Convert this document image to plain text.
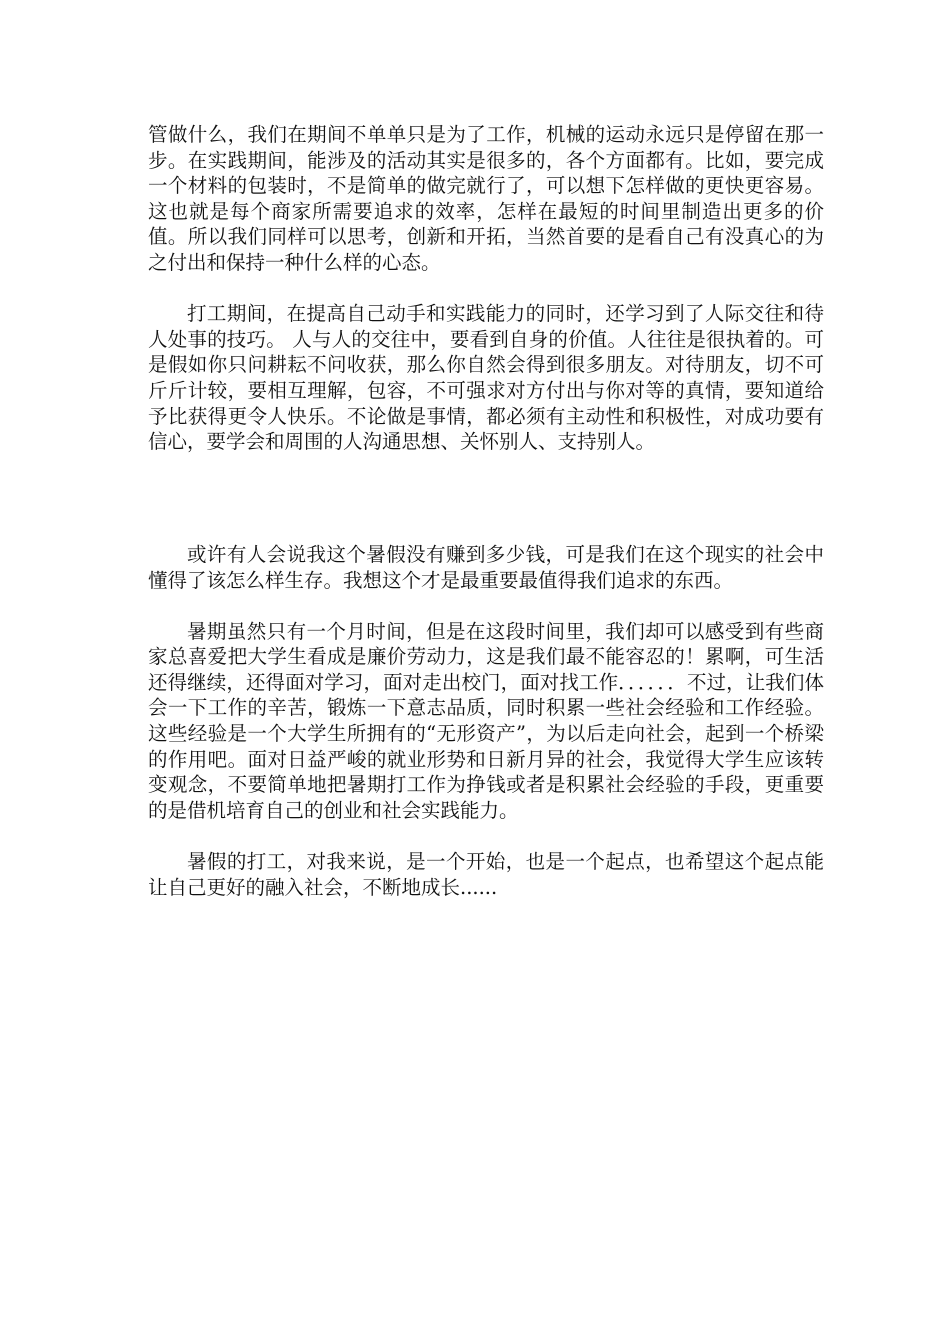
管做什么，我们在期间不单单只是为了工作，机械的运动永远只是停留在那一步。在实践期间，能涉及的活动其实是很多的，各个方面都有。比如，要完成一个材料的包装时，不是简单的做完就行了，可以想下怎样做的更快更容易。这也就是每个商家所需要追求的效率，怎样在最短的时间里制造出更多的价值。所以我们同样可以思考，创新和开拓，当然首要的是看自己有没真心的为之付出和保持一种什么样的心态。

打工期间，在提高自己动手和实践能力的同时，还学习到了人际交往和待人处事的技巧。 人与人的交往中，要看到自身的价值。人往往是很执着的。可是假如你只问耕耘不问收获，那么你自然会得到很多朋友。对待朋友，切不可斤斤计较，要相互理解，包容，不可强求对方付出与你对等的真情，要知道给予比获得更令人快乐。不论做是事情，都必须有主动性和积极性，对成功要有信心，要学会和周围的人沟通思想、关怀别人、支持别人。

或许有人会说我这个暑假没有赚到多少钱，可是我们在这个现实的社会中懂得了该怎么样生存。我想这个才是最重要最值得我们追求的东西。

暑期虽然只有一个月时间，但是在这段时间里，我们却可以感受到有些商家总喜爱把大学生看成是廉价劳动力，这是我们最不能容忍的！累啊，可生活还得继续，还得面对学习，面对走出校门，面对找工作．．．．．．不过，让我们体会一下工作的辛苦，锻炼一下意志品质，同时积累一些社会经验和工作经验。这些经验是一个大学生所拥有的“无形资产”，为以后走向社会，起到一个桥梁的作用吧。面对日益严峻的就业形势和日新月异的社会，我觉得大学生应该转变观念，不要简单地把暑期打工作为挣钱或者是积累社会经验的手段，更重要的是借机培育自己的创业和社会实践能力。

暑假的打工，对我来说，是一个开始，也是一个起点，也希望这个起点能让自己更好的融入社会，不断地成长......
